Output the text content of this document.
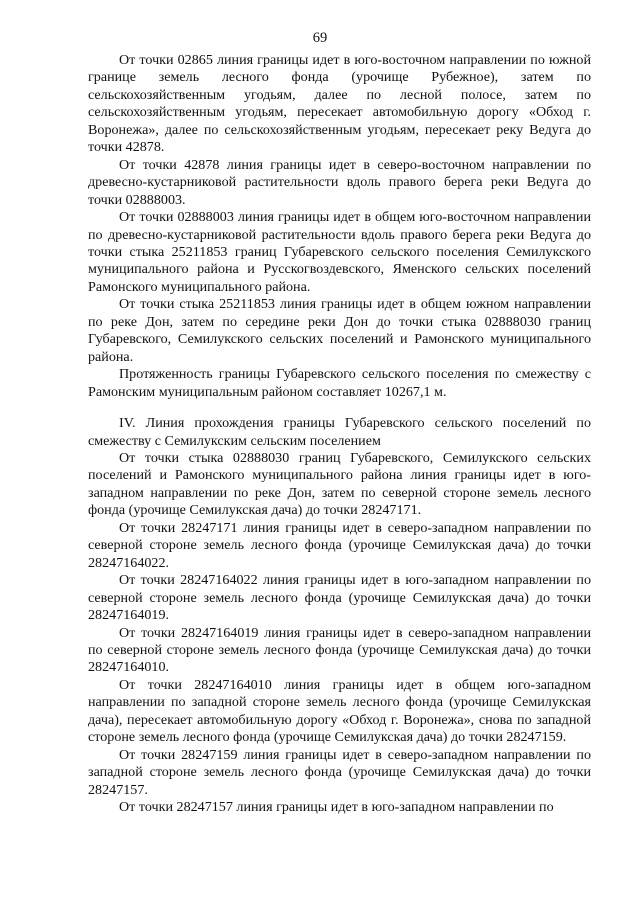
69

От точки 02865 линия границы идет в юго-восточном направлении по южной границе земель лесного фонда (урочище Рубежное), затем по сельскохозяйственным угодьям, далее по лесной полосе, затем по сельскохозяйственным угодьям, пересекает автомобильную дорогу «Обход г. Воронежа», далее по сельскохозяйственным угодьям, пересекает реку Ведуга до точки 42878.

От точки 42878 линия границы идет в северо-восточном направлении по древесно-кустарниковой растительности вдоль правого берега реки Ведуга до точки 02888003.

От точки 02888003 линия границы идет в общем юго-восточном направлении по древесно-кустарниковой растительности вдоль правого берега реки Ведуга до точки стыка 25211853 границ Губаревского сельского поселения Семилукского муниципального района и Русскогвоздевского, Яменского сельских поселений Рамонского муниципального района.

От точки стыка 25211853 линия границы идет в общем южном направлении по реке Дон, затем по середине реки Дон до точки стыка 02888030 границ Губаревского, Семилукского сельских поселений и Рамонского муниципального района.

Протяженность границы Губаревского сельского поселения по смежеству с Рамонским муниципальным районом составляет 10267,1 м.

IV. Линия прохождения границы Губаревского сельского поселений по смежеству с Семилукским сельским поселением

От точки стыка 02888030 границ Губаревского, Семилукского сельских поселений и Рамонского муниципального района линия границы идет в юго-западном направлении по реке Дон, затем по северной стороне земель лесного фонда (урочище Семилукская дача) до точки 28247171.

От точки 28247171 линия границы идет в северо-западном направлении по северной стороне земель лесного фонда (урочище Семилукская дача) до точки 28247164022.

От точки 28247164022 линия границы идет в юго-западном направлении по северной стороне земель лесного фонда (урочище Семилукская дача) до точки 28247164019.

От точки 28247164019 линия границы идет в северо-западном направлении по северной стороне земель лесного фонда (урочище Семилукская дача) до точки 28247164010.

От точки 28247164010 линия границы идет в общем юго-западном направлении по западной стороне земель лесного фонда (урочище Семилукская дача), пересекает автомобильную дорогу «Обход г. Воронежа», снова по западной стороне земель лесного фонда (урочище Семилукская дача) до точки 28247159.

От точки 28247159 линия границы идет в северо-западном направлении по западной стороне земель лесного фонда (урочище Семилукская дача) до точки 28247157.

От точки 28247157 линия границы идет в юго-западном направлении по
